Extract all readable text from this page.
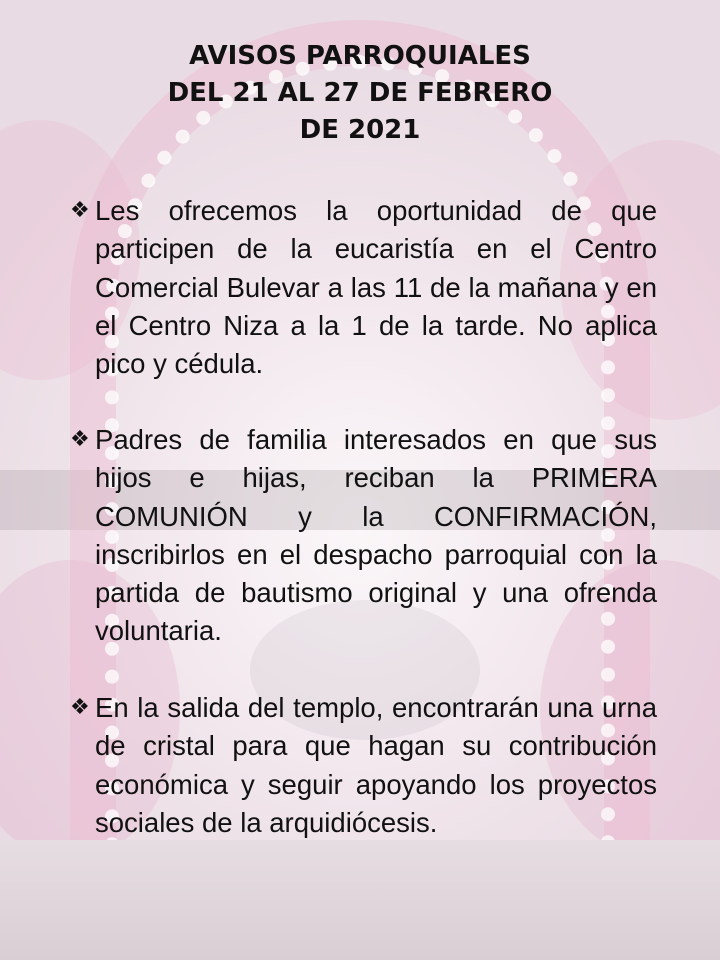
AVISOS PARROQUIALES
DEL 21 AL 27 DE FEBRERO
DE 2021
❖ Les ofrecemos la oportunidad de que participen de la eucaristía en el Centro Comercial Bulevar a las 11 de la mañana y en el Centro Niza a la 1 de la tarde. No aplica pico y cédula.
❖ Padres de familia interesados en que sus hijos e hijas, reciban la PRIMERA COMUNIÓN y la CONFIRMACIÓN, inscribirlos en el despacho parroquial con la partida de bautismo original y una ofrenda voluntaria.
❖ En la salida del templo, encontrarán una urna de cristal para que hagan su contribución económica y seguir apoyando los proyectos sociales de la arquidiócesis.
